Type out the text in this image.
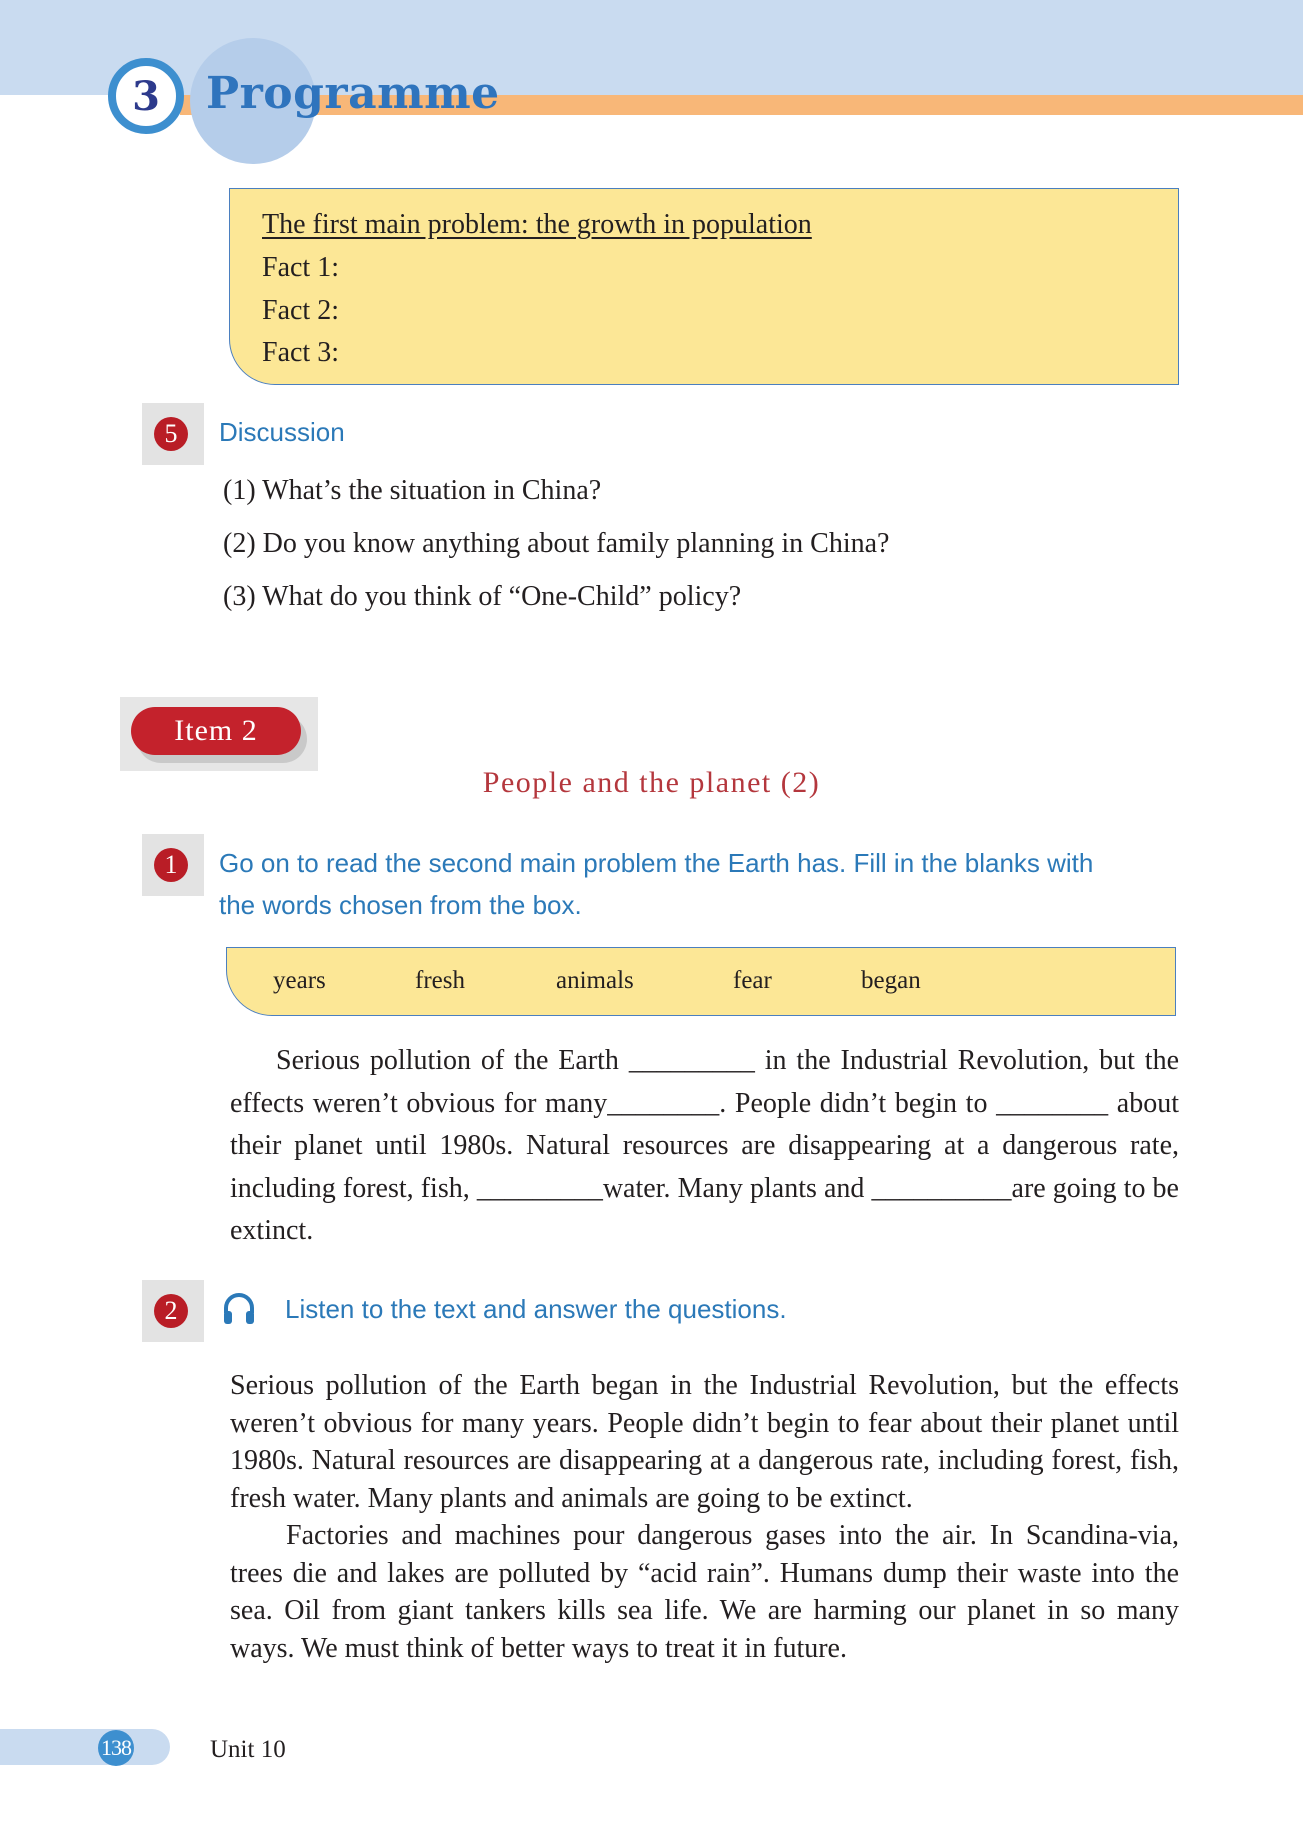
3	Programme
The first main problem: the growth in population
Fact 1:
Fact 2:
Fact 3:
5	Discussion
(1) What’s the situation in China?
(2) Do you know anything about family planning in China?
(3) What do you think of “One-Child” policy?
Item 2
People and the planet (2)
1	Go on to read the second main problem the Earth has. Fill in the blanks with
the words chosen from the box.
years	fresh	animals	fear	began
Serious pollution of the Earth _________ in the Industrial Revolution, but the effects weren’t obvious for many________. People didn’t begin to ________ about their planet until 1980s. Natural resources are disappearing at a dangerous rate, including forest, fish, _________water. Many plants and __________are going to be extinct.
2	Listen to the text and answer the questions.
Serious pollution of the Earth began in the Industrial Revolution, but the effects weren’t obvious for many years. People didn’t begin to fear about their planet until 1980s. Natural resources are disappearing at a dangerous rate, including forest, fish, fresh water. Many plants and animals are going to be extinct.
Factories and machines pour dangerous gases into the air. In Scandina-via, trees die and lakes are polluted by “acid rain”. Humans dump their waste into the sea. Oil from giant tankers kills sea life. We are harming our planet in so many ways. We must think of better ways to treat it in future.
138	Unit 10
